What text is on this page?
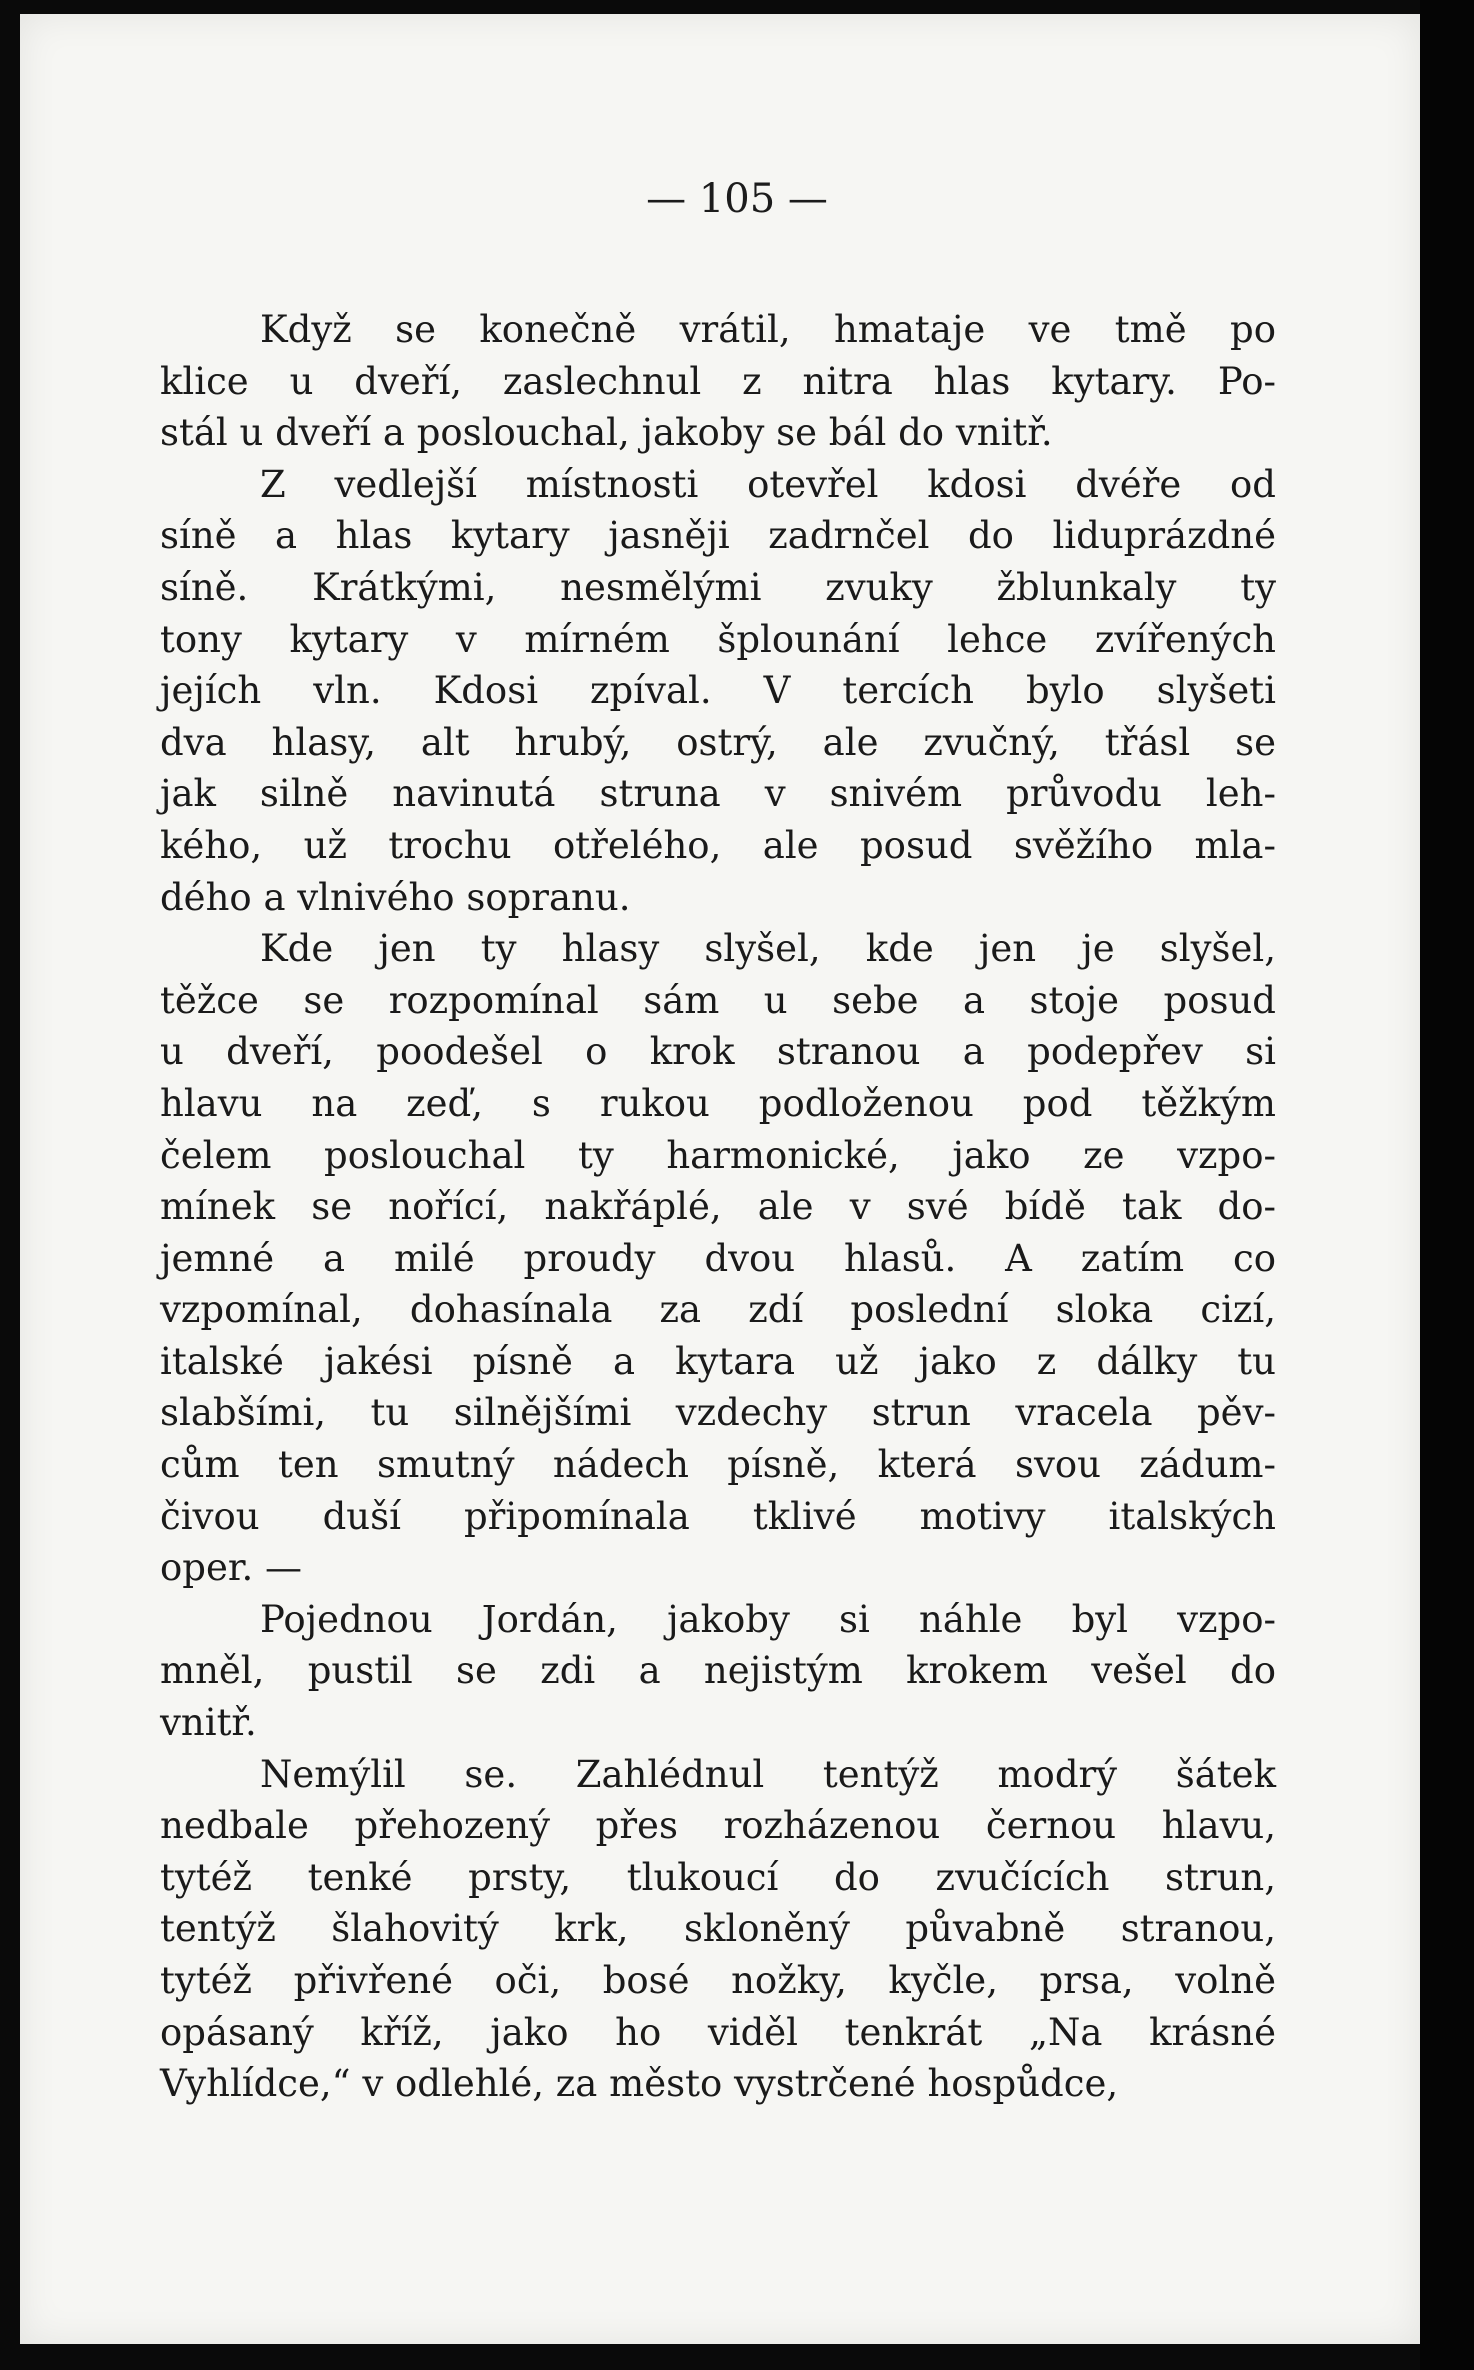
— 105 —
Když se konečně vrátil, hmataje ve tmě po
klice u dveří, zaslechnul z nitra hlas kytary. Po-
stál u dveří a poslouchal, jakoby se bál do vnitř.
Z vedlejší místnosti otevřel kdosi dvéře od
síně a hlas kytary jasněji zadrnčel do liduprázdné
síně. Krátkými, nesmělými zvuky žblunkaly ty
tony kytary v mírném šplounání lehce zvířených
jejích vln. Kdosi zpíval. V tercích bylo slyšeti
dva hlasy, alt hrubý, ostrý, ale zvučný, třásl se
jak silně navinutá struna v snivém průvodu leh-
kého, už trochu otřelého, ale posud svěžího mla-
dého a vlnivého sopranu.
Kde jen ty hlasy slyšel, kde jen je slyšel,
těžce se rozpomínal sám u sebe a stoje posud
u dveří, poodešel o krok stranou a podepřev si
hlavu na zeď, s rukou podloženou pod těžkým
čelem poslouchal ty harmonické, jako ze vzpo-
mínek se nořící, nakřáplé, ale v své bídě tak do-
jemné a milé proudy dvou hlasů. A zatím co
vzpomínal, dohasínala za zdí poslední sloka cizí,
italské jakési písně a kytara už jako z dálky tu
slabšími, tu silnějšími vzdechy strun vracela pěv-
cům ten smutný nádech písně, která svou zádum-
čivou duší připomínala tklivé motivy italských
oper. —
Pojednou Jordán, jakoby si náhle byl vzpo-
mněl, pustil se zdi a nejistým krokem vešel do
vnitř.
Nemýlil se. Zahlédnul tentýž modrý šátek
nedbale přehozený přes rozházenou černou hlavu,
tytéž tenké prsty, tlukoucí do zvučících strun,
tentýž šlahovitý krk, skloněný půvabně stranou,
tytéž přivřené oči, bosé nožky, kyčle, prsa, volně
opásaný kříž, jako ho viděl tenkrát „Na krásné
Vyhlídce,“ v odlehlé, za město vystrčené hospůdce,
